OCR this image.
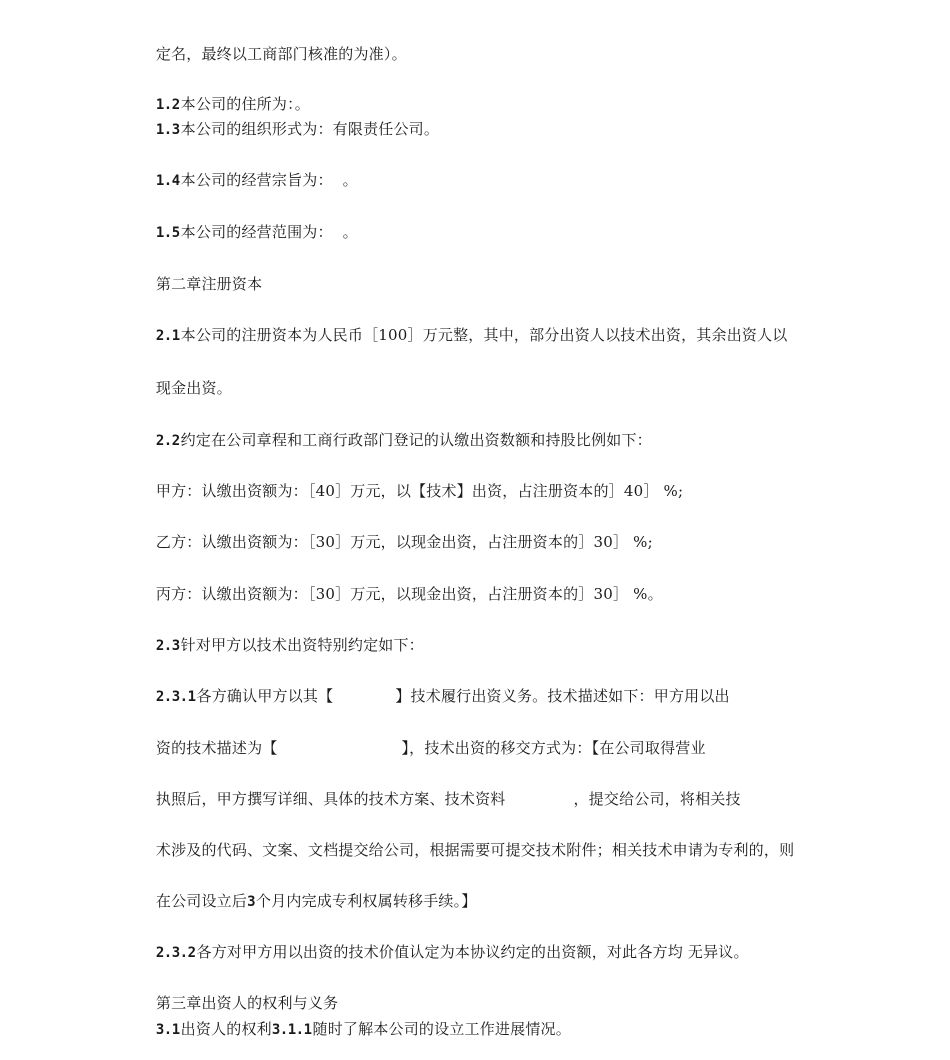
定名，最终以工商部门核准的为准）。

1.2本公司的住所为：。

1.3本公司的组织形式为：有限责任公司。

1.4本公司的经营宗旨为：  。

1.5本公司的经营范围为：  。

第二章注册资本

2.1本公司的注册资本为人民币［100］万元整，其中，部分出资人以技术出资，其余出资人以

现金出资。

2.2约定在公司章程和工商行政部门登记的认缴出资数额和持股比例如下：

甲方：认缴出资额为：［40］万元，以【技术】出资，占注册资本的］40］ %;

乙方：认缴出资额为：［30］万元，以现金出资，占注册资本的］30］ %;

丙方：认缴出资额为：［30］万元，以现金出资，占注册资本的］30］ %。

2.3针对甲方以技术出资特别约定如下：

2.3.1各方确认甲方以其【	】技术履行出资义务。技术描述如下：甲方用以出

资的技术描述为【	】，技术出资的移交方式为：【在公司取得营业

执照后，甲方撰写详细、具体的技术方案、技术资料	，提交给公司，将相关技

术涉及的代码、文案、文档提交给公司，根据需要可提交技术附件；相关技术申请为专利的，则

在公司设立后3个月内完成专利权属转移手续。】

2.3.2各方对甲方用以出资的技术价值认定为本协议约定的出资额，对此各方均 无异议。

第三章出资人的权利与义务

3.1出资人的权利3.1.1随时了解本公司的设立工作进展情况。
